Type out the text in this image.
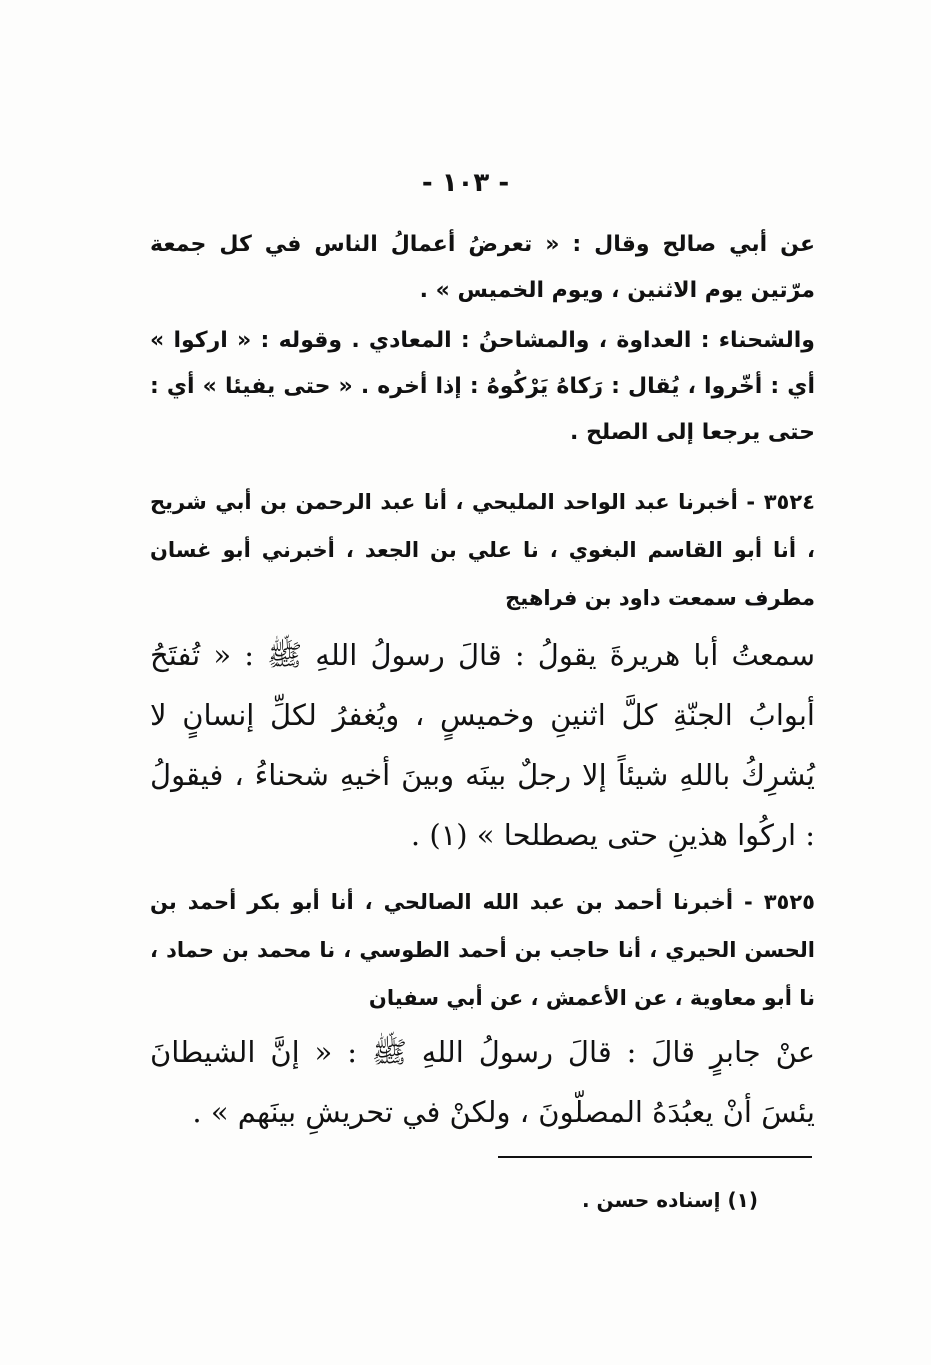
- ١٠٣ -

عن أبي صالح وقال : « تعرضُ أعمالُ الناس في كل جمعة مرّتين يوم الاثنين ، ويوم الخميس » .

والشحناء : العداوة ، والمشاحنُ : المعادي . وقوله : « اركوا » أي : أخّروا ، يُقال : رَكاهُ يَرْكُوهُ : إذا أخره . « حتى يفيئا » أي : حتى يرجعا إلى الصلح .

٣٥٢٤ - أخبرنا عبد الواحد المليحي ، أنا عبد الرحمن بن أبي شريح ، أنا أبو القاسم البغوي ، نا علي بن الجعد ، أخبرني أبو غسان مطرف سمعت داود بن فراهيج

سمعتُ أبا هريرةَ يقولُ : قالَ رسولُ اللهِ ﷺ : « تُفتَحُ أبوابُ الجنّةِ كلَّ اثنينِ وخميسٍ ، ويُغفرُ لكلِّ إنسانٍ لا يُشرِكُ باللهِ شيئاً إلا رجلٌ بينَه وبينَ أخيهِ شحناءُ ، فيقولُ : اركُوا هذينِ حتى يصطلحا » (١) .

٣٥٢٥ - أخبرنا أحمد بن عبد الله الصالحي ، أنا أبو بكر أحمد بن الحسن الحيري ، أنا حاجب بن أحمد الطوسي ، نا محمد بن حماد ، نا أبو معاوية ، عن الأعمش ، عن أبي سفيان

عنْ جابرٍ قالَ : قالَ رسولُ اللهِ ﷺ : « إنَّ الشيطانَ يئسَ أنْ يعبُدَهُ المصلّونَ ، ولكنْ في تحريشِ بينَهم » .

(١) إسناده حسن .
